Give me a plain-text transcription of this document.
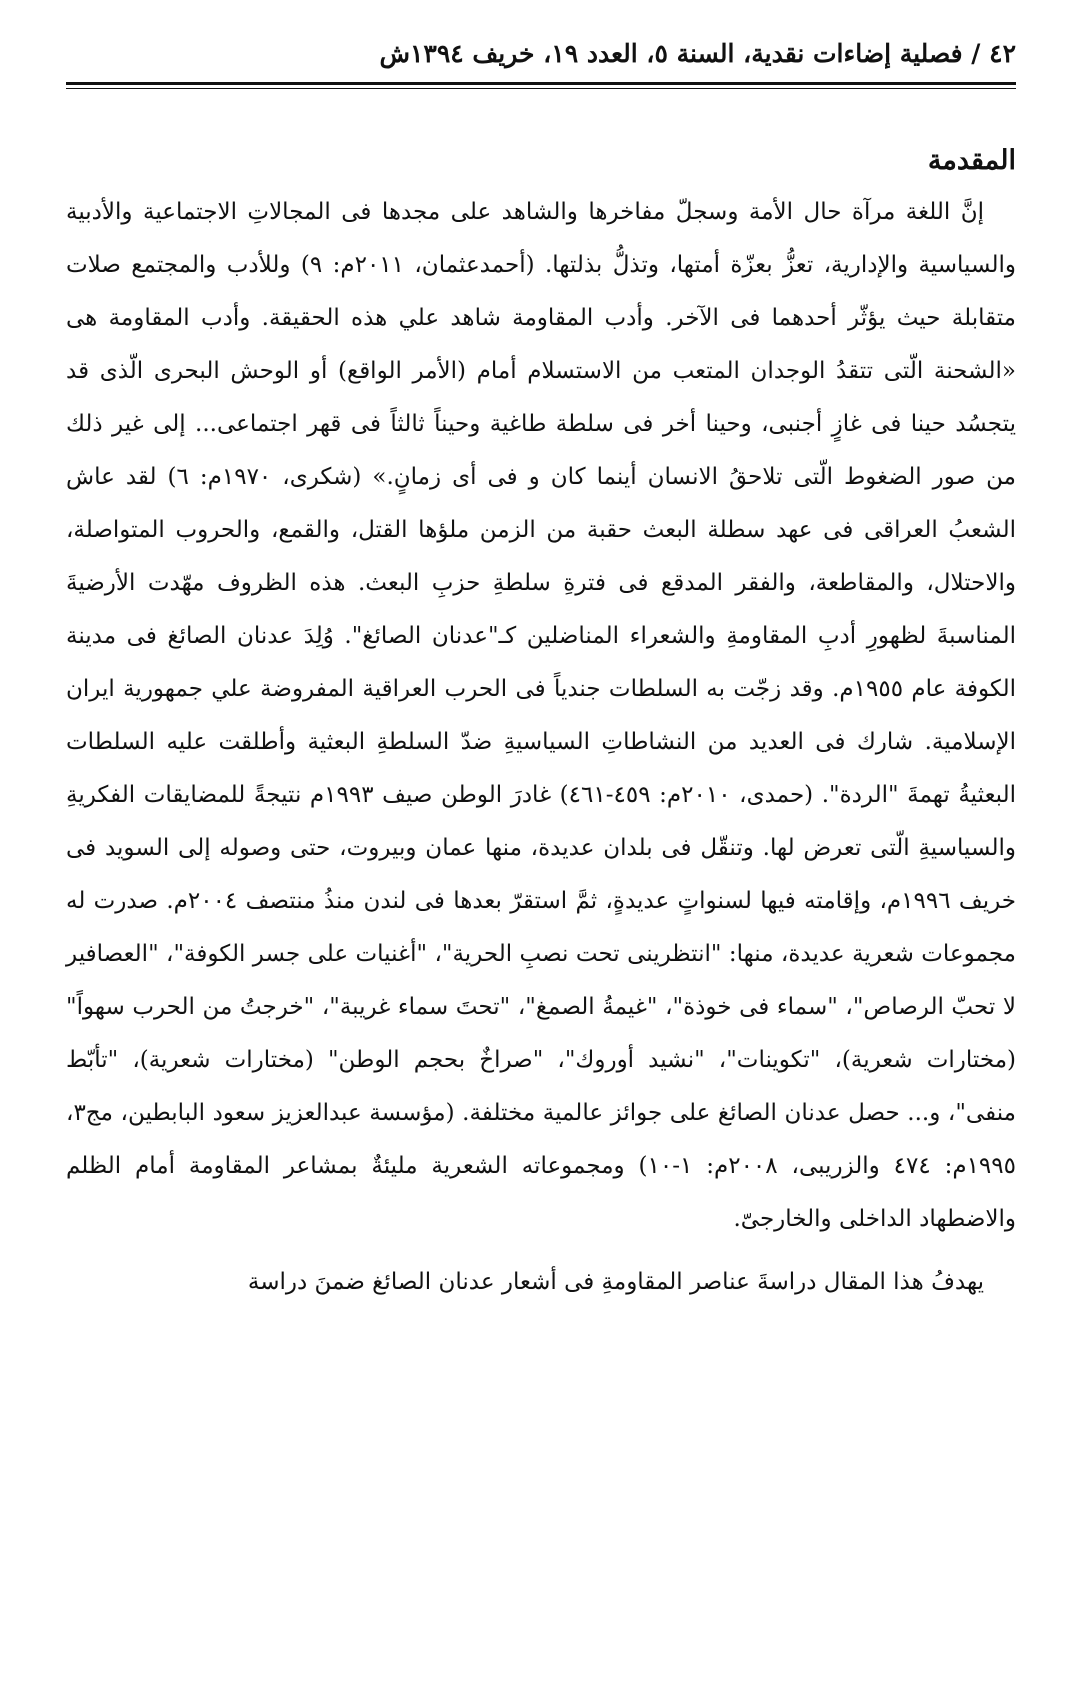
٤٢ / فصلية إضاءات نقدية، السنة ٥، العدد ١٩، خريف ١٣٩٤ش
المقدمة

إنَّ اللغة مرآة حال الأمة وسجلّ مفاخرها والشاهد على مجدها فى المجالاتِ الاجتماعية والأدبية والسياسية والإدارية، تعزُّ بعزّة أمتها، وتذلُّ بذلتها. (أحمدعثمان، ٢٠١١م: ٩) وللأدب والمجتمع صلات متقابلة حيث يؤثّر أحدهما فى الآخر. وأدب المقاومة شاهد علي هذه الحقيقة. وأدب المقاومة هى «الشحنة الّتى تتقدُ الوجدان المتعب من الاستسلام أمام (الأمر الواقع) أو الوحش البحرى الّذى قد يتجسُد حينا فى غازٍ أجنبى، وحينا أخر فى سلطة طاغية وحيناً ثالثاً فى قهر اجتماعى... إلى غير ذلك من صور الضغوط الّتى تلاحقُ الانسان أينما كان و فى أى زمانٍ.» (شكرى، ١٩٧٠م: ٦) لقد عاش الشعبُ العراقى فى عهد سطلة البعث حقبة من الزمن ملؤها القتل، والقمع، والحروب المتواصلة، والاحتلال، والمقاطعة، والفقر المدقع فى فترةِ سلطةِ حزبِ البعث. هذه الظروف مهّدت الأرضيةَ المناسبةَ لظهورِ أدبِ المقاومةِ والشعراء المناضلين كـ"عدنان الصائغ". وُلِدَ عدنان الصائغ فى مدينة الكوفة عام ١٩٥٥م. وقد زجّت به السلطات جندياً فى الحرب العراقية المفروضة علي جمهورية ايران الإسلامية. شارك فى العديد من النشاطاتِ السياسيةِ ضدّ السلطةِ البعثية وأطلقت عليه السلطات البعثيةُ تهمةَ "الردة". (حمدى، ٢٠١٠م: ٤٥٩-٤٦١) غادرَ الوطن صيف ١٩٩٣م نتيجةً للمضايقات الفكريةِ والسياسيةِ الّتى تعرض لها. وتنقّل فى بلدان عديدة، منها عمان وبيروت، حتى وصوله إلى السويد فى خريف ١٩٩٦م، وإقامته فيها لسنواتٍ عديدةٍ، ثمَّ استقرّ بعدها فى لندن منذُ منتصف ٢٠٠٤م. صدرت له مجموعات شعرية عديدة، منها: "انتظرينى تحت نصبِ الحرية"، "أغنيات على جسر الكوفة"، "العصافير لا تحبّ الرصاص"، "سماء فى خوذة"، "غيمةُ الصمغ"، "تحتَ سماء غريبة"، "خرجتُ من الحرب سهواً" (مختارات شعرية)، "تكوينات"، "نشيد أوروك"، "صراخٌ بحجم الوطن" (مختارات شعرية)، "تأبّط منفى"، و... حصل عدنان الصائغ على جوائز عالمية مختلفة. (مؤسسة عبدالعزيز سعود البابطين، مج٣، ١٩٩٥م: ٤٧٤ والزريبى، ٢٠٠٨م: ١-١٠) ومجموعاته الشعرية مليئةٌ بمشاعر المقاومة أمام الظلم والاضطهاد الداخلى والخارجىّ.

يهدفُ هذا المقال دراسةَ عناصر المقاومةِ فى أشعار عدنان الصائغ ضمنَ دراسة
